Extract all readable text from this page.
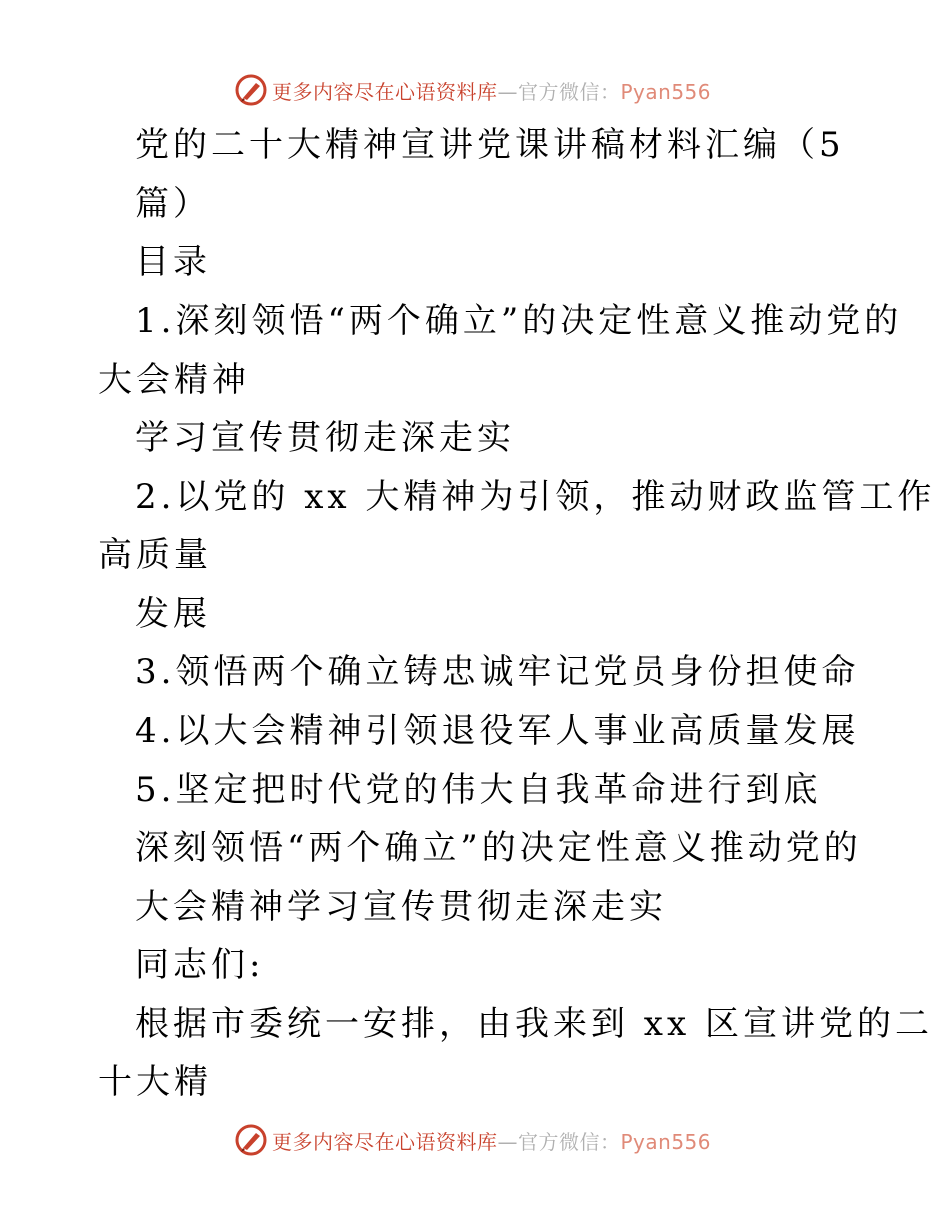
更多内容尽在心语资料库—官方微信：Pyan556
党的二十大精神宣讲党课讲稿材料汇编（5
篇）
目录
1.深刻领悟“两个确立”的决定性意义推动党的
大会精神
学习宣传贯彻走深走实
2.以党的 xx 大精神为引领，推动财政监管工作
高质量
发展
3.领悟两个确立铸忠诚牢记党员身份担使命
4.以大会精神引领退役军人事业高质量发展
5.坚定把时代党的伟大自我革命进行到底
深刻领悟“两个确立”的决定性意义推动党的
大会精神学习宣传贯彻走深走实
同志们:
根据市委统一安排，由我来到 xx 区宣讲党的二
十大精
更多内容尽在心语资料库—官方微信：Pyan556
